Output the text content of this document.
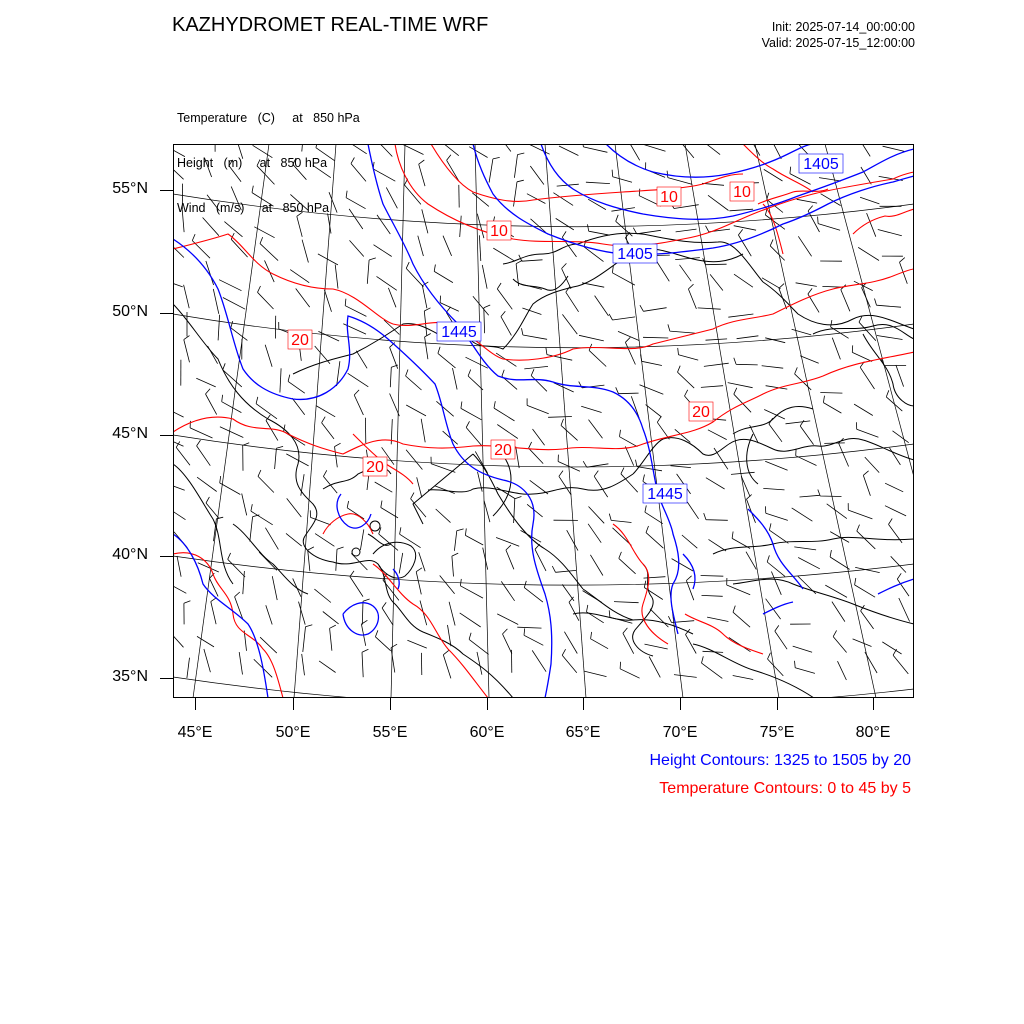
KAZHYDROMET REAL-TIME WRF	Init: 2025-07-14_00:00:00
Valid: 2025-07-15_12:00:00

Temperature   (C)     at   850 hPa

Height   (m)     at   850 hPa

Wind   (m/s)     at   850 hPa

1405
1405
1445
1445
10	10
10
20
20
20
20
55°N
50°N
45°N
40°N
35°N
45°E	50°E	55°E	60°E	65°E	70°E	75°E	80°E
Height Contours: 1325 to 1505 by 20
Temperature Contours: 0 to 45 by 5
